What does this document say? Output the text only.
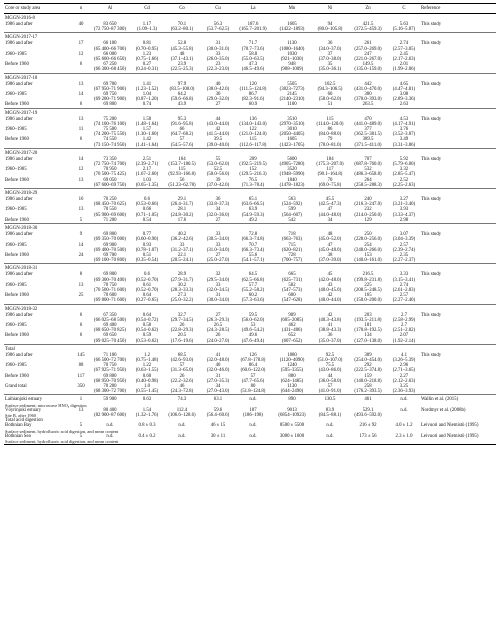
Core or study area	n	Al	Cd	Co	Cu	La	Mn	Ni	Zn	C	Reference
MGGN-2016-8											
1986 and after	40	83 650	1.17	70.1	56.3	187.6	1605	94	421.5	5.63	This study
		(72 750–87 300)	(1.09–1.3)	(63.2–80.1)	(53.7–62.5)	(165.7–201.9)	(1422–1893)	(80.0–105.8)	(372.5–459.3)	(5.16–5.87)	
MGGN-2017-17											
1986 and after	17	66 100	0.81	52.8	31	71.7	1130	36	261	2.74	This study
		(65 400–66 700)	(0.70–0.95)	(45.3–55.8)	(30.0–31.0)	(70.7–73.6)	(1080–1640)	(34.0–37.0)	(257.0–269.0)	(2.57–3.05)	
1960–1985	12	66 000	1.23	48	33	58.8	1030	37	247	2.45	
		(65 600–66 650)	(0.75–1.66)	(37.1–43.1)	(26.0–35.0)	(55.0–63.5)	(921–1030)	(37.0–38.0)	(221.0–267.0)	(2.17–2.63)	
Before 1960	6	67 250	0.27	23.9	23	47.3	948	35	149.5	2.01	
		(66 300–68 450)	(0.24–0.31)	(22.5–25.3)	(22.3–23.0)	(46.5–49.6)	(908–1009)	(35.0–36.1)	(135.0–159.0)	(1.99–2.06)	
MGGN-2017-18											
1986 and after	13	69 700	1.41	97.9	40	120	5505	102.5	442	4.65	This study
		(67 950–71 900)	(1.23–1.52)	(83.5–100.0)	(38.0–42.0)	(111.5–124.8)	(3823–7273)	(94.3–106.5)	(431.0–470.0)	(4.47–4.81)	
1960–1985	14	69 750	1.04	64.2	30	86.7	2145	60	380	3.08	
		(69 200–71 900)	(0.87–1.20)	(59.6–66.8)	(29.0–32.0)	(82.3–91.6)	(2140–2310)	(58.0–62.0)	(370.0–393.0)	(2.89–3.36)	
Before 1960	6	69 800	0.74	43.9	27	60.9	1100	51	263.5	2.63	
MGGN-2017-19											
1986 and after	13	75 200	1.58	95.3	44	136	3510	115	470	4.53	This study
		(74 100–76 100)	(1.48–1.64)	(91.6–95.8)	(43.0–44.0)	(134.0–143.0)	(2970–3510)	(114.0–120.0)	(441.0–489.0)	(4.17–4.91)	
1960–1985	11	75 500	1.57	66	42	122	3010	86	377	3.76	
		(74 200–75 550)	(1.30–1.60)	(64.7–68.2)	(41.5–44.0)	(121.0–124.0)	(2050–4405)	(84.0–88.0)	(362.5–381.5)	(3.52–3.87)	
Before 1960	6	74 550	1.42	57	39.5	115	1605	79	389.5	3.49	
		(73 150–74 950)	(1.41–1.64)	(54.5–57.6)	(39.0–40.0)	(112.6–117.8)	(1423–1705)	(78.0–81.0)	(371.5–411.0)	(3.31–3.86)	
MGGN-2017-20											
1986 and after	14	73 350	2.51	164	55	209	5600	184	707	5.92	This study
		(72 750–74 700)	(2.39–2.71)	(153.7–180.5)	(53.0–62.0)	(192.5–219.5)	(4905–7280)	(175.3–207.0)	(687.8–760.0)	(5.79–6.00)	
1960–1985	12	70 950	2.17	115	52.5	152	3520	117	532	3.32	
		(70 500–75 425)	(1.67–2.60)	(92.93–166.8)	(50.0–56.0)	(129.5–216.3)	(1948–5990)	(90.1–164.8)	(486.3–658.8)	(2.85–5.47)	
Before 1960	13	69 050	1.03	56	39	76.5	1840	70	264	2.52	
		(67 600–69 750)	(0.65–1.35)	(51.23–62.78)	(37.0–42.0)	(71.3–78.4)	(1478–1823)	(69.0–75.8)	(258.5–288.3)	(2.25–2.63)	
MGGN-2018-29											
1986 and after	16	70 250	0.6	29.1	36	65.1	563	45.5	240	3.27	This study
		(68 450–70 625)	(0.53–0.66)	(26.4–31.7)	(33.8–37.3)	(63.6–66.5)	(524–592)	(42.5–47.3)	(216.3–247.0)	(3.21–3.40)	
1960–1985	13	70 550	0.66	28.1	34	63.9	599	47	232	3.93	
		(65 900–69 600)	(0.71–1.05)	(24.8–30.2)	(32.0–36.0)	(54.9–59.3)	(564–607)	(44.0–48.0)	(214.0–250.0)	(3.33–4.37)	
Before 1960	5	71 200	0.54	17.6	27	49.2	542	34	129	2.98	
MGGN-2018-30											
1986 and after	9	69 800	0.77	40.2	33	72.8	718	48	250	3.07	This study
		(69 350–70 000)	(0.60–0.90)	(36.2–42.6)	(30.5–34.0)	(66.3–74.8)	(663–763)	(45.0–52.0)	(228.0–256.0)	(3.04–3.39)	
1960–1985	14	69 900	0.93	33	33	70.7	715	47	254	2.57	
		(69 400–70 500)	(0.78–1.07)	(31.2–37.1)	(31.0–34.0)	(66.3–73.4)	(620–821)	(45.0–48.0)	(248.0–266.0)	(2.39–2.74)	
Before 1960	24	69 700	0.51	22.1	27	55.6	728	38	153	2.35	
		(69 100–70 800)	(0.35–0.54)	(20.5–24.1)	(25.0–27.0)	(54.1–57.1)	(700–757)	(37.0–39.0)	(140.0–161.0)	(2.27–2.37)	
MGGN-2018-31											
1986 and after	8	69 800	0.6	28.9	32	64.5	665	45	216.5	3.33	This study
		(69 300–70 400)	(0.52–0.70)	(27.9–31.7)	(29.5–34.0)	(62.5–66.8)	(625–731)	(42.0–48.0)	(199.8–231.8)	(3.15–3.41)	
1960–1985	13	70 750	0.61	30.2	33	57.7	582	43	225	2.74	
		(70 500–71 600)	(0.52–0.70)	(28.3–33.3)	(32.0–34.5)	(55.2–58.2)	(547–573)	(40.0–45.0)	(208.5–248.5)	(2.61–2.83)	
Before 1960	25	70 600	0.64	27.3	31	60.2	600	42	165	2.57	
		(69 800–71 600)	(0.27–0.65)	(25.0–32.2)	(30.0–34.0)	(57.3–63.6)	(547–628)	(40.0–44.0)	(150.0–200.0)	(2.27–2.40)	
MGGN-2018-32											
1986 and after	6	67 350	0.64	32.7	27	59.5	909	42	203	2.7	This study
		(66 025–68 500)	(0.54–0.72)	(29.7–34.5)	(26.3–29.3)	(56.0–62.0)	(605–2085)	(40.3–43.8)	(193.5–211.8)	(2.58–2.99)	
1960–1985	6	69 400	0.58	26	26.5	53	462	41	181	2.7	
		(68 650–70 825)	(0.54–0.62)	(22.8–29.3)	(24.3–28.5)	(49.6–54.2)	(431–486)	(38.8–43.3)	(170.8–192.5)	(2.51–2.82)	
Before 1960	6	69 650	0.59	20.5	26	49.6	652	36	134	2.07	
		(69 025–70 450)	(0.53–0.62)	(17.6–19.6)	(24.0–27.0)	(47.6–49.4)	(607–652)	(35.0–37.0)	(127.0–138.0)	(1.92–2.14)	
Total											
1986 and after	145	71 100	1.2	68.5	41	126	1880	92.5	389	4.1	This study
		(66 500–72 700)	(0.75–1.48)	(42.6–93.0)	(32.0–48.0)	(67.8–178.8)	(1120–4090)	(51.0–107.0)	(254.0–454.0)	(3.26–5.39)	
1960–1985	88	70 750	1.22	57	40	86.4	1240	75.5	292	2.96	
		(67 925–71 950)	(0.63–1.55)	(31.3–65.0)	(32.0–46.0)	(60.6–122.0)	(595–3355)	(43.0–86.0)	(222.5–374.8)	(2.71–3.65)	
Before 1960	117	69 800	0.60	26	31	57	880	44	159	2.27	
		(68 950–70 950)	(0.40–0.98)	(22.2–32.6)	(27.0–35.3)	(47.7–65.6)	(624–1485)	(36.0–58.0)	(140.0–218.8)	(2.12–2.63)	
Grand total	350	70 200	1.0	46	34	80	1130	57	258	3.25	
		(68 300–72 700)	(0.55–1.45)	(24.3–72.8)	(27.0–43.0)	(51.8–124.8)	(644–2490)	(41.0–91.0)	(176.2–393.5)	(2.36–3.93)	

Laihianjoki estuary	1	59 900	0.63	74.3	63.1	n.d.	890	130.5	461	n.d.	Wallin et al. (2015)
Surface sediment; microwave HNO₃ digestion											
Vöyrinjoki estuary	13	80 400	1.54	112.4	59.6	187	9013	83.9	529.1	n.d.	Nordmyr et al. (2008b)
Site B, after 1960		(82 900–87 600)	(1.32–1.76)	(106.6–128.6)	(56.4–60.6)	(186–198)	(6854–10923)	(84.5–88.1)	(493.6–592.0)		
Total acid digestion											
Bothnian Bay	5	n.d.	0.8 ± 0.3	n.d.	46 ± 15	n.d.	8500 ± 5500	n.d.	216 ± 92	4.0 ± 1.2	Leivuori and Niemistö (1995)
Surface sediment, hydrofluoric acid digestion, and mean content											
Bothnian Sea	5	n.d.	0.4 ± 0.2	n.d.	30 ± 11	n.d.	3000 ± 1600	n.d.	173 ± 56	2.3 ± 1.0	Leivuori and Niemistö (1995)
Surface sediment, hydrofluoric acid digestion, and mean content											
